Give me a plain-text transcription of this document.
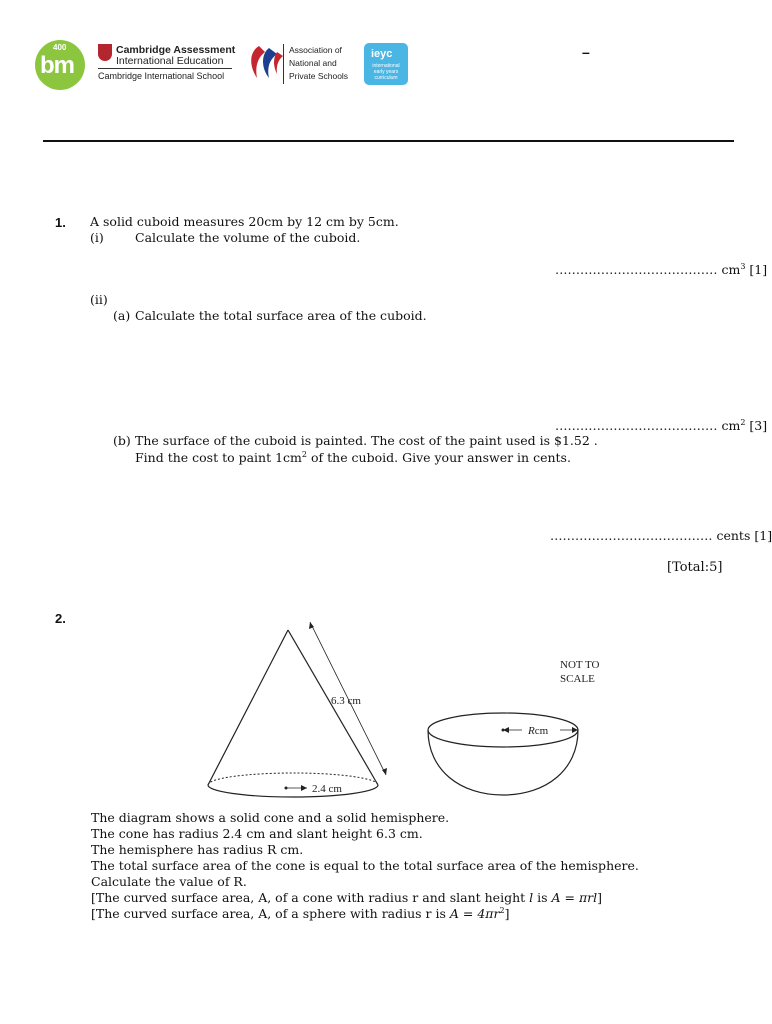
400
bm
Cambridge Assessment
International Education
Cambridge International School
Association of
National and
Private Schools
ieyc
international early years curriculum
–
1. A solid cuboid measures 20cm by 12 cm by 5cm.
(i) Calculate the volume of the cuboid.
………………………………… $cm^3$ [1]
(ii)
(a) Calculate the total surface area of the cuboid.
………………………………… $cm^2$ [3]
(b) The surface of the cuboid is painted. The cost of the paint used is $1.52 .
Find the cost to paint $1cm^2$ of the cuboid. Give your answer in cents.
………………………………… cents [1]
[Total:5]
2.
6.3 cm
2.4 cm
Rcm
NOT TO
SCALE
The diagram shows a solid cone and a solid hemisphere.
The cone has radius 2.4 cm and slant height 6.3 cm.
The hemisphere has radius R cm.
The total surface area of the cone is equal to the total surface area of the hemisphere.
Calculate the value of R.
[The curved surface area, A, of a cone with radius r and slant height l is A = πrl]
[The curved surface area, A, of a sphere with radius r is $A = 4\pi r^2$]
